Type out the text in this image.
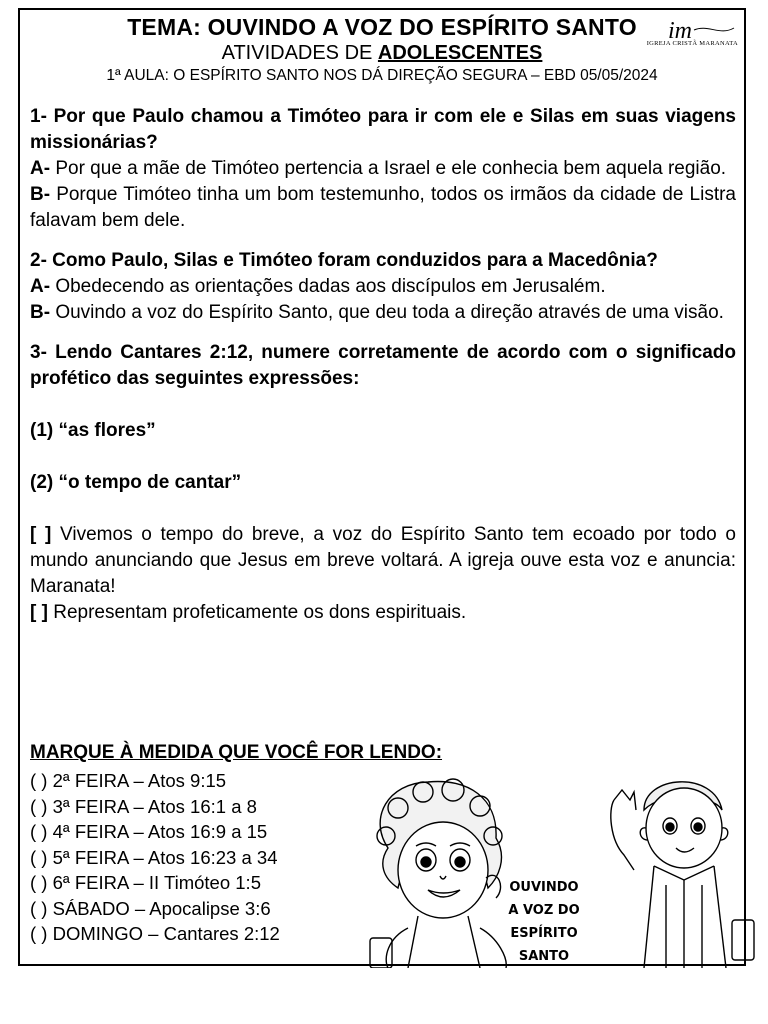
TEMA: OUVINDO A VOZ DO ESPÍRITO SANTO
ATIVIDADES DE ADOLESCENTES
1ª AULA: O ESPÍRITO SANTO NOS DÁ DIREÇÃO SEGURA – EBD 05/05/2024
im
IGREJA CRISTÃ MARANATA

1- Por que Paulo chamou a Timóteo para ir com ele e Silas em suas viagens missionárias?

A- Por que a mãe de Timóteo pertencia a Israel e ele conhecia bem aquela região.

B- Porque Timóteo tinha um bom testemunho, todos os irmãos da cidade de Listra falavam bem dele.

2- Como Paulo, Silas e Timóteo foram conduzidos para a Macedônia?

A- Obedecendo as orientações dadas aos discípulos em Jerusalém.

B- Ouvindo a voz do Espírito Santo, que deu toda a direção através de uma visão.

3- Lendo Cantares 2:12, numere corretamente de acordo com o significado profético das seguintes expressões:

(1) “as flores”

(2) “o tempo de cantar”

[ ] Vivemos o tempo do breve, a voz do Espírito Santo tem ecoado por todo o mundo anunciando que Jesus em breve voltará. A igreja ouve esta voz e anuncia: Maranata!

[ ] Representam profeticamente os dons espirituais.

MARQUE À MEDIDA QUE VOCÊ FOR LENDO:
( ) 2ª FEIRA – Atos 9:15
( ) 3ª FEIRA – Atos 16:1 a 8
( ) 4ª FEIRA – Atos 16:9 a 15
( ) 5ª FEIRA – Atos 16:23 a 34
( ) 6ª FEIRA – II Timóteo 1:5
( ) SÁBADO – Apocalipse 3:6
( ) DOMINGO – Cantares 2:12
OUVINDO
A VOZ DO
ESPÍRITO
SANTO
